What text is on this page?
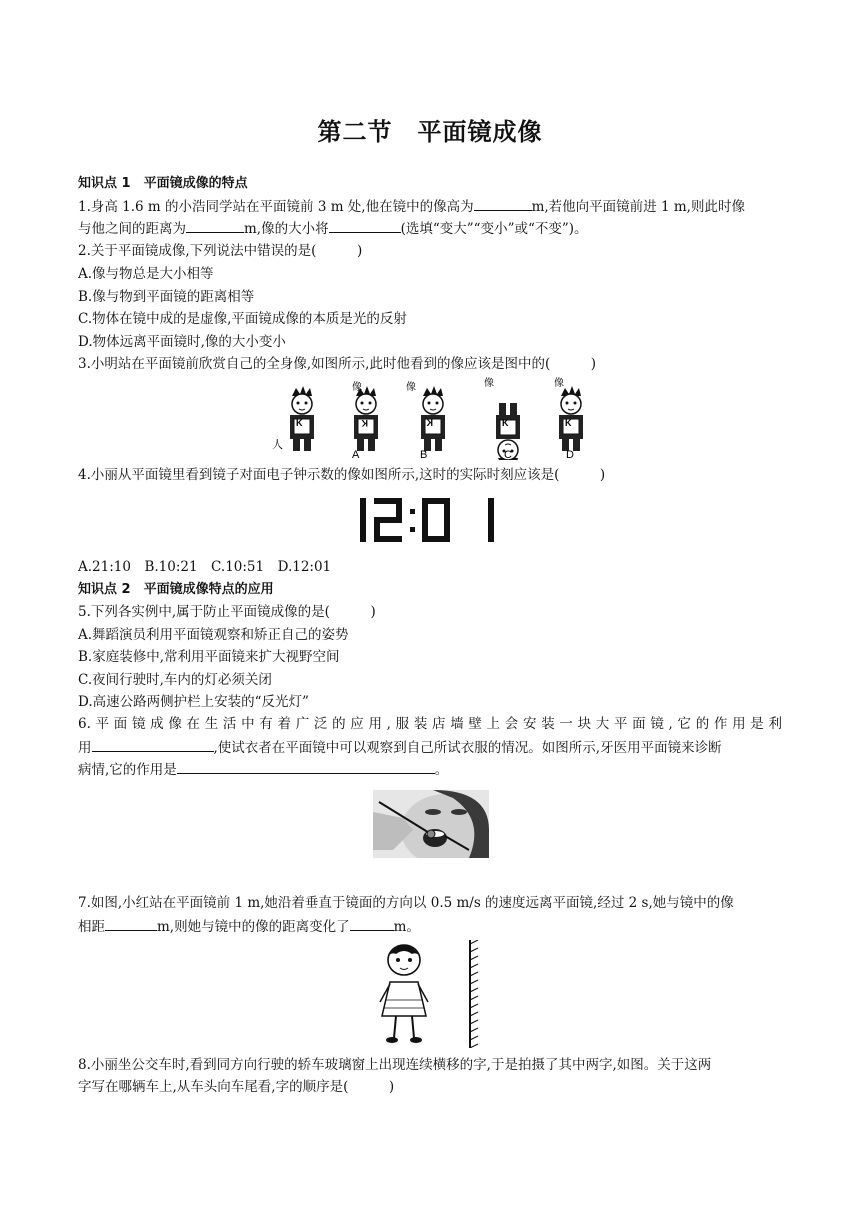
第二节　平面镜成像
知识点 1　平面镜成像的特点
1.身高 1.6 m 的小浩同学站在平面镜前 3 m 处,他在镜中的像高为	m,若他向平面镜前进 1 m,则此时像
与他之间的距离为	m,像的大小将	(选填“变大”“变小”或“不变”)。
2.关于平面镜成像,下列说法中错误的是(　　　)
A.像与物总是大小相等
B.像与物到平面镜的距离相等
C.物体在镜中成的是虚像,平面镜成像的本质是光的反射
D.物体远离平面镜时,像的大小变小
3.小明站在平面镜前欣赏自己的全身像,如图所示,此时他看到的像应该是图中的(　　　)
K
人
K
像
K
像
K
像
K
像
A	B	C	D
4.小丽从平面镜里看到镜子对面电子钟示数的像如图所示,这时的实际时刻应该是(　　　)
A.21:10　B.10:21　C.10:51　D.12:01
知识点 2　平面镜成像特点的应用
5.下列各实例中,属于防止平面镜成像的是(　　　)
A.舞蹈演员利用平面镜观察和矫正自己的姿势
B.家庭装修中,常利用平面镜来扩大视野空间
C.夜间行驶时,车内的灯必须关闭
D.高速公路两侧护栏上安装的“反光灯”
6.平面镜成像在生活中有着广泛的应用,服装店墙壁上会安装一块大平面镜,它的作用是利
用	,使试衣者在平面镜中可以观察到自己所试衣服的情况。如图所示,牙医用平面镜来诊断
病情,它的作用是	。
7.如图,小红站在平面镜前 1 m,她沿着垂直于镜面的方向以 0.5 m/s 的速度远离平面镜,经过 2 s,她与镜中的像
相距	m,则她与镜中的像的距离变化了	m。
8.小丽坐公交车时,看到同方向行驶的轿车玻璃窗上出现连续横移的字,于是拍摄了其中两字,如图。关于这两
字写在哪辆车上,从车头向车尾看,字的顺序是(　　　)
